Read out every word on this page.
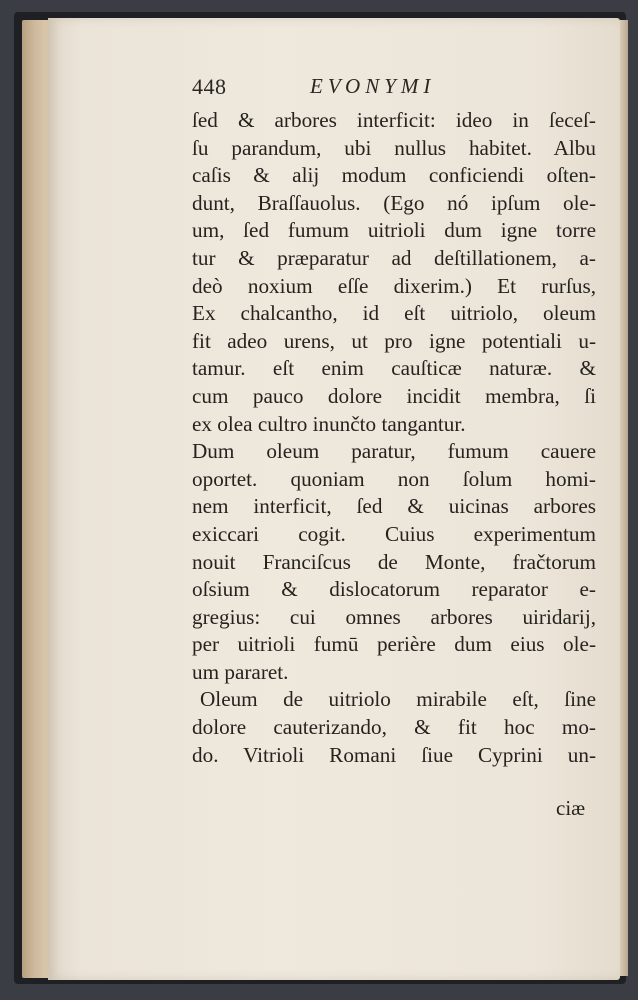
448	EVONYMI
ſed & arbores interficit: ideo in ſeceſ-
ſu parandum, ubi nullus habitet. Albu
caſis & alij modum conficiendi oſten-
dunt, Braſſauolus. (Ego nó ipſum ole-
um, ſed fumum uitrioli dum igne torre
tur & præparatur ad deſtillationem, a-
deò noxium eſſe dixerim.) Et rurſus,
Ex chalcantho, id eſt uitriolo, oleum
fit adeo urens, ut pro igne potentiali u-
tamur. eſt enim cauſticæ naturæ. &
cum pauco dolore incidit membra, ſi
ex olea cultro inunčto tangantur.
Dum oleum paratur, fumum cauere
oportet. quoniam non ſolum homi-
nem interficit, ſed & uicinas arbores
exiccari cogit. Cuius experimentum
nouit Franciſcus de Monte, fračtorum
oſsium & dislocatorum reparator e-
gregius: cui omnes arbores uiridarij,
per uitrioli fumū perière dum eius ole-
um pararet.
Oleum de uitriolo mirabile eſt, ſine
dolore cauterizando, & fit hoc mo-
do. Vitrioli Romani ſiue Cyprini un-
ciæ
